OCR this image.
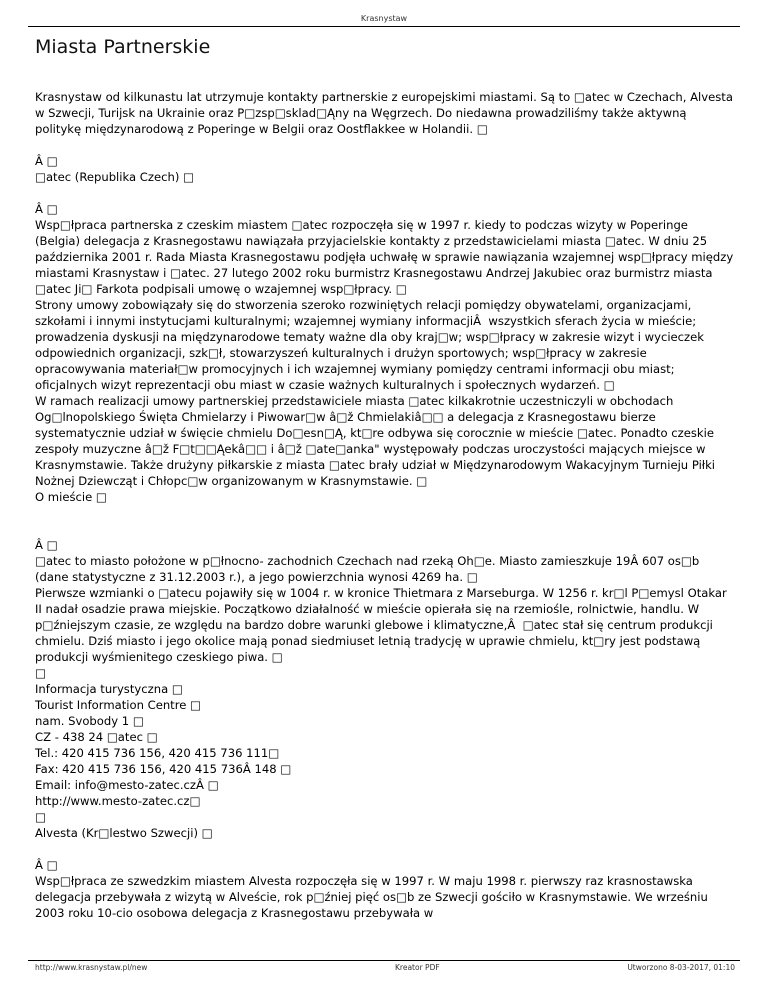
Krasnystaw
Miasta Partnerskie

Krasnystaw od kilkunastu lat utrzymuje kontakty partnerskie z europejskimi miastami. Są to □atec w Czechach, Alvesta w Szwecji, Turijsk na Ukrainie oraz P□zsp□sklad□Ąny na Węgrzech. Do niedawna prowadziliśmy także aktywną politykę międzynarodową z Poperinge w Belgii oraz Oostflakkee w Holandii. □

Â □
□atec (Republika Czech) □

Â □
Wsp□łpraca partnerska z czeskim miastem □atec rozpoczęła się w 1997 r. kiedy to podczas wizyty w Poperinge (Belgia) delegacja z Krasnegostawu nawiązała przyjacielskie kontakty z przedstawicielami miasta □atec. W dniu 25 października 2001 r. Rada Miasta Krasnegostawu podjęła uchwałę w sprawie nawiązania wzajemnej wsp□łpracy między miastami Krasnystaw i □atec. 27 lutego 2002 roku burmistrz Krasnegostawu Andrzej Jakubiec oraz burmistrz miasta □atec Ji□ Farkota podpisali umowę o wzajemnej wsp□łpracy. □
Strony umowy zobowiązały się do stworzenia szeroko rozwiniętych relacji pomiędzy obywatelami, organizacjami, szkołami i innymi instytucjami kulturalnymi; wzajemnej wymiany informacjiÂ  wszystkich sferach życia w mieście; prowadzenia dyskusji na międzynarodowe tematy ważne dla oby kraj□w; wsp□łpracy w zakresie wizyt i wycieczek odpowiednich organizacji, szk□ł, stowarzyszeń kulturalnych i drużyn sportowych; wsp□łpracy w zakresie opracowywania materiał□w promocyjnych i ich wzajemnej wymiany pomiędzy centrami informacji obu miast; oficjalnych wizyt reprezentacji obu miast w czasie ważnych kulturalnych i społecznych wydarzeń. □
W ramach realizacji umowy partnerskiej przedstawiciele miasta □atec kilkakrotnie uczestniczyli w obchodach Og□lnopolskiego Święta Chmielarzy i Piwowar□w â□ž Chmielakiâ□□ a delegacja z Krasnegostawu bierze systematycznie udział w święcie chmielu Do□esn□Ą, kt□re odbywa się corocznie w mieście □atec. Ponadto czeskie zespoły muzyczne â□ž F□t□□Ąekâ□□ i â□ž □ate□anka" występowały podczas uroczystości mających miejsce w Krasnymstawie. Także drużyny piłkarskie z miasta □atec brały udział w Międzynarodowym Wakacyjnym Turnieju Piłki Nożnej Dziewcząt i Chłopc□w organizowanym w Krasnymstawie. □
O mieście □

Â □
□atec to miasto położone w p□łnocno- zachodnich Czechach nad rzeką Oh□e. Miasto zamieszkuje 19Â 607 os□b (dane statystyczne z 31.12.2003 r.), a jego powierzchnia wynosi 4269 ha. □
Pierwsze wzmianki o □atecu pojawiły się w 1004 r. w kronice Thietmara z Marseburga. W 1256 r. kr□l P□emysl Otakar II nadał osadzie prawa miejskie. Początkowo działalność w mieście opierała się na rzemiośle, rolnictwie, handlu. W p□źniejszym czasie, ze względu na bardzo dobre warunki glebowe i klimatyczne,Â  □atec stał się centrum produkcji chmielu. Dziś miasto i jego okolice mają ponad siedmiuset letnią tradycję w uprawie chmielu, kt□ry jest podstawą produkcji wyśmienitego czeskiego piwa. □
□
Informacja turystyczna □
Tourist Information Centre □
nam. Svobody 1 □
CZ - 438 24 □atec □
Tel.: 420 415 736 156, 420 415 736 111□
Fax: 420 415 736 156, 420 415 736Â 148 □
Email: info@mesto-zatec.czÂ □
http://www.mesto-zatec.cz□
□
Alvesta (Kr□lestwo Szwecji) □

Â □
Wsp□łpraca ze szwedzkim miastem Alvesta rozpoczęła się w 1997 r. W maju 1998 r. pierwszy raz krasnostawska delegacja przebywała z wizytą w Alveście, rok p□źniej pięć os□b ze Szwecji gościło w Krasnymstawie. We wrześniu 2003 roku 10-cio osobowa delegacja z Krasnegostawu przebywała w

http://www.krasnystaw.pl/new	Kreator PDF	Utworzono 8-03-2017, 01:10
